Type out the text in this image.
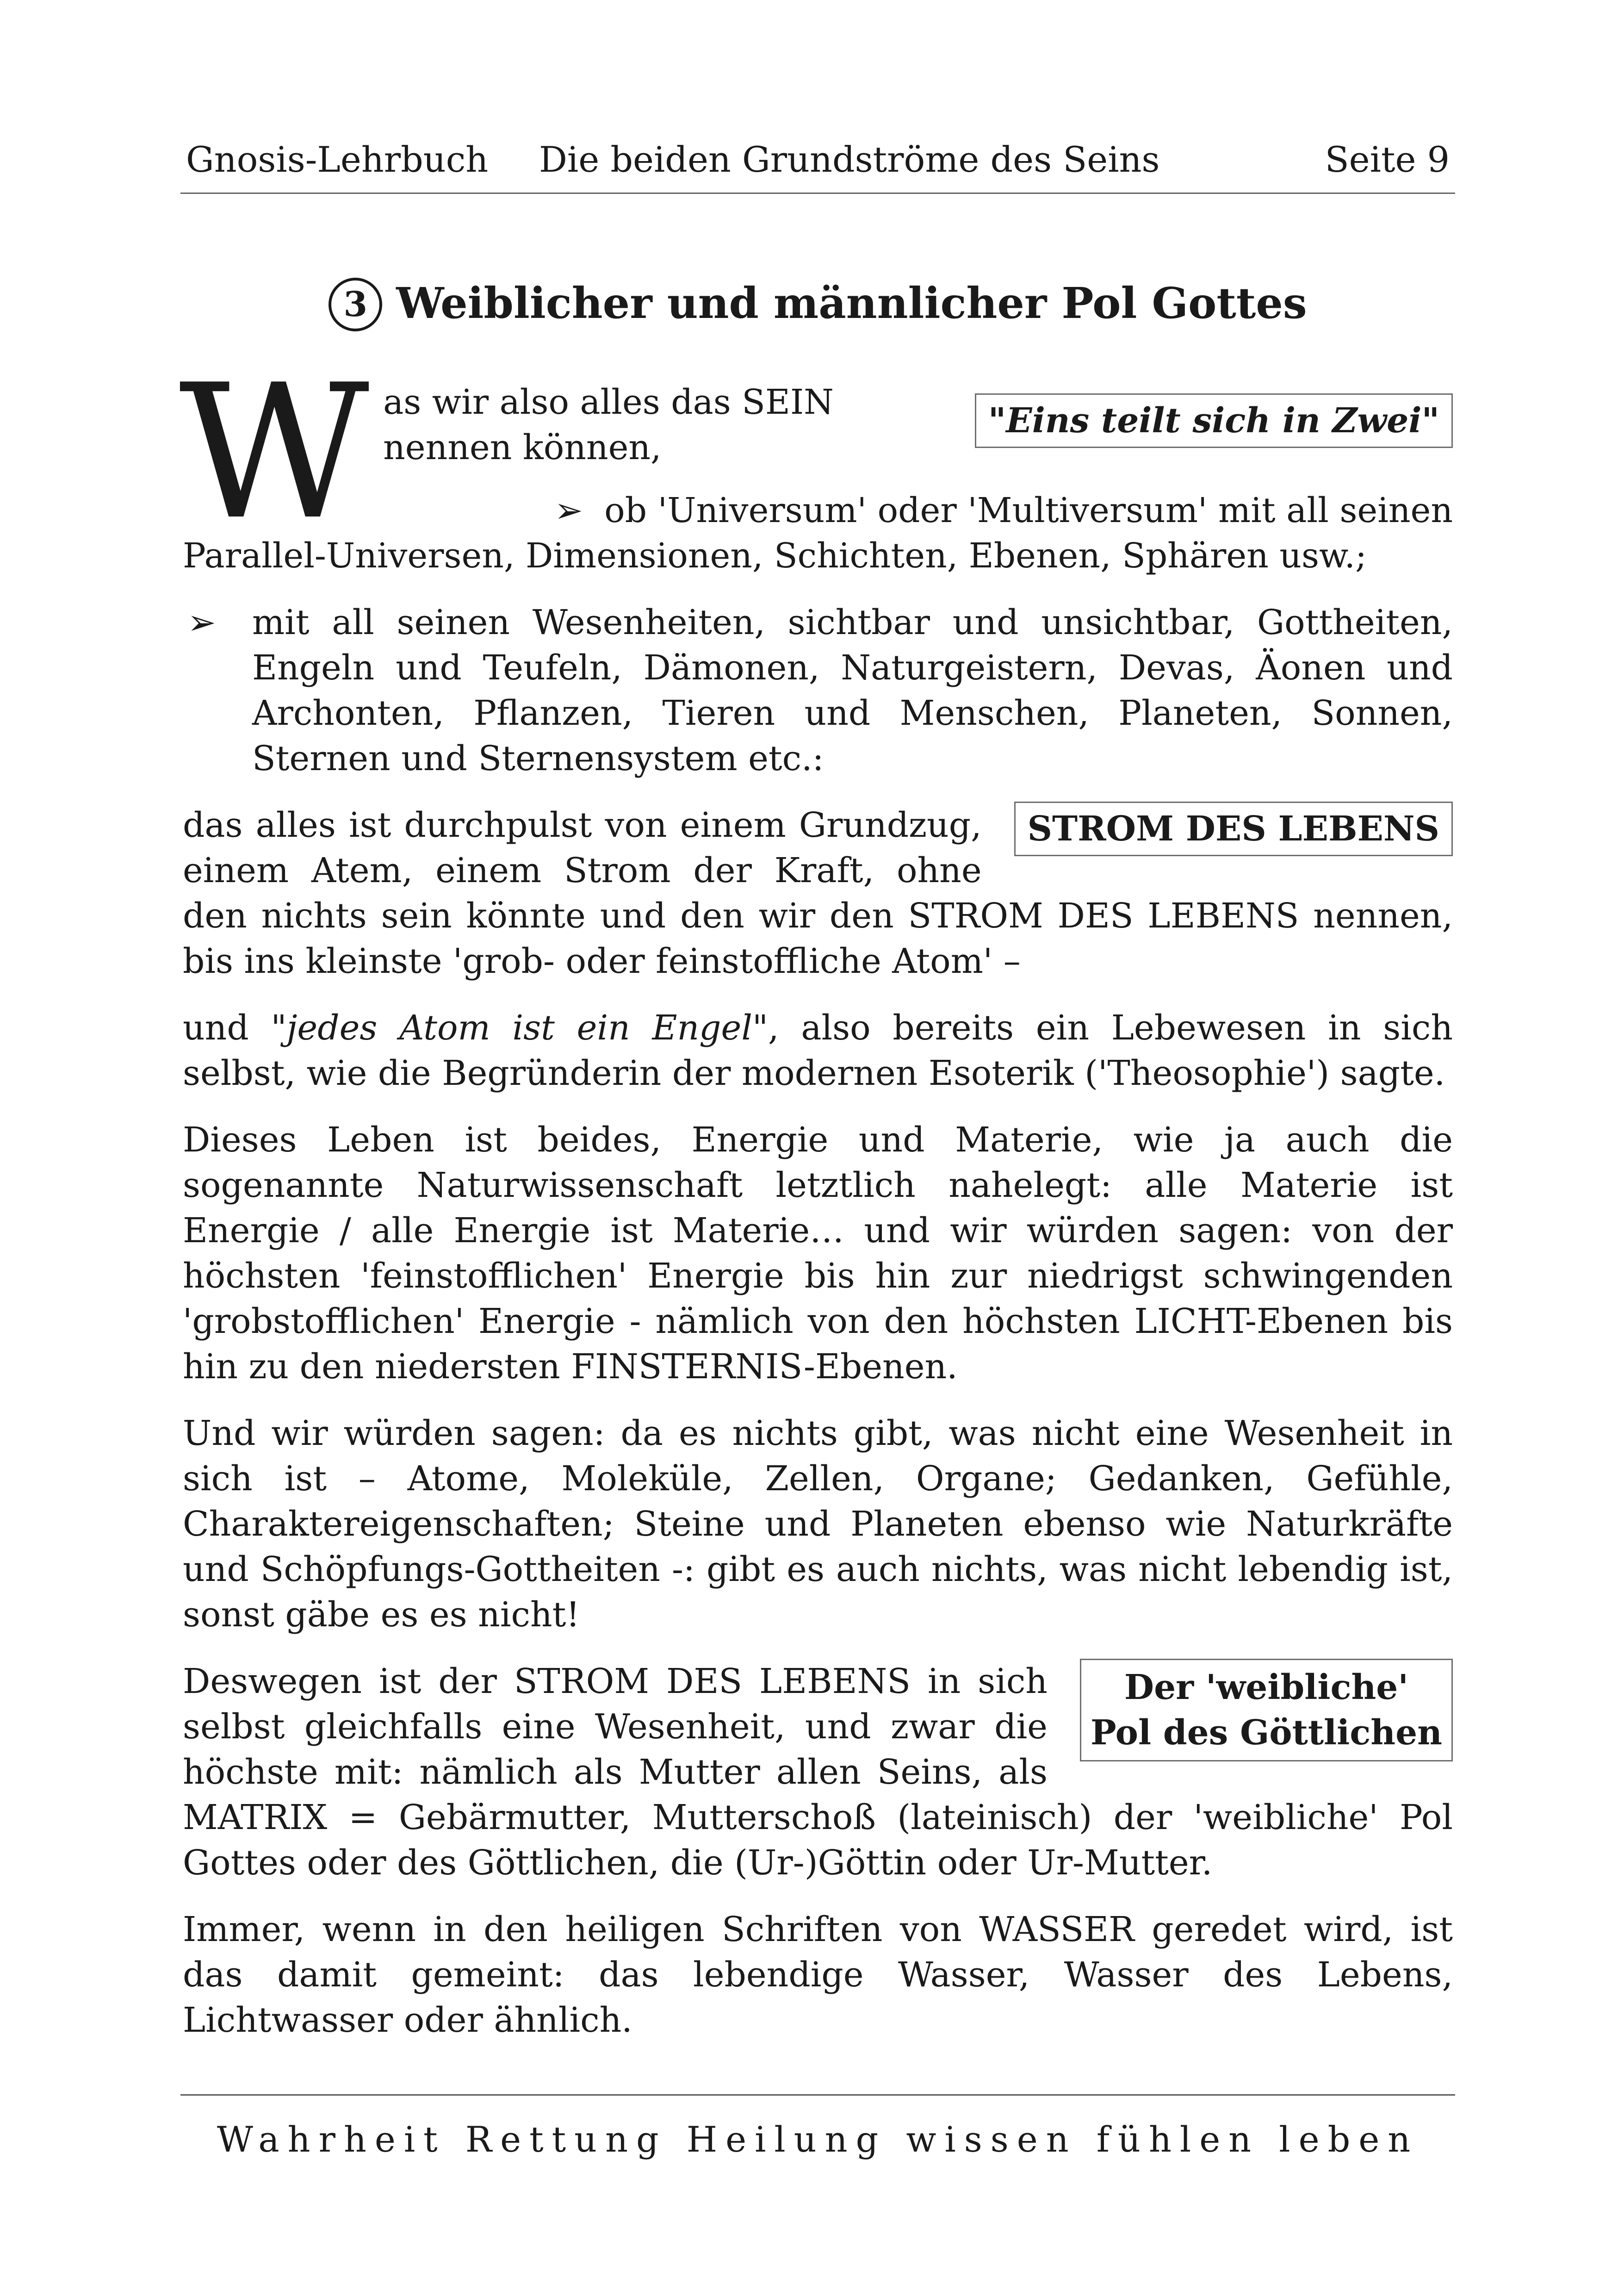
Gnosis-Lehrbuch Die beiden Grundströme des Seins	Seite 9
3 Weiblicher und männlicher Pol Gottes
"Eins teilt sich in Zwei"
W as wir also alles das SEIN nennen können,

➢ ob 'Universum' oder 'Multiversum' mit all seinen Parallel-Universen, Dimensionen, Schichten, Ebenen, Sphären usw.;

➢ mit all seinen Wesenheiten, sichtbar und unsichtbar, Gottheiten, Engeln und Teufeln, Dämonen, Naturgeistern, Devas, Äonen und Archonten, Pflanzen, Tieren und Menschen, Planeten, Sonnen, Sternen und Sternensystem etc.:

STROM DES LEBENS

das alles ist durchpulst von einem Grundzug, einem Atem, einem Strom der Kraft, ohne den nichts sein könnte und den wir den STROM DES LEBENS nennen, bis ins kleinste 'grob- oder feinstoffliche Atom' –

und "jedes Atom ist ein Engel", also bereits ein Lebewesen in sich selbst, wie die Begründerin der modernen Esoterik ('Theosophie') sagte.

Dieses Leben ist beides, Energie und Materie, wie ja auch die sogenannte Naturwissenschaft letztlich nahelegt: alle Materie ist Energie / alle Energie ist Materie… und wir würden sagen: von der höchsten 'feinstofflichen' Energie bis hin zur niedrigst schwingenden 'grobstofflichen' Energie - nämlich von den höchsten LICHT-Ebenen bis hin zu den niedersten FINSTERNIS-Ebenen.

Und wir würden sagen: da es nichts gibt, was nicht eine Wesenheit in sich ist – Atome, Moleküle, Zellen, Organe; Gedanken, Gefühle, Charaktereigenschaften; Steine und Planeten ebenso wie Naturkräfte und Schöpfungs-Gottheiten -: gibt es auch nichts, was nicht lebendig ist, sonst gäbe es es nicht!

Der 'weibliche'
Pol des Göttlichen

Deswegen ist der STROM DES LEBENS in sich selbst gleichfalls eine Wesenheit, und zwar die höchste mit: nämlich als Mutter allen Seins, als MATRIX = Gebärmutter, Mutterschoß (lateinisch) der 'weibliche' Pol Gottes oder des Göttlichen, die (Ur-)Göttin oder Ur-Mutter.

Immer, wenn in den heiligen Schriften von WASSER geredet wird, ist das damit gemeint: das lebendige Wasser, Wasser des Lebens, Lichtwasser oder ähnlich.

Wahrheit Rettung Heilung wissen fühlen leben
